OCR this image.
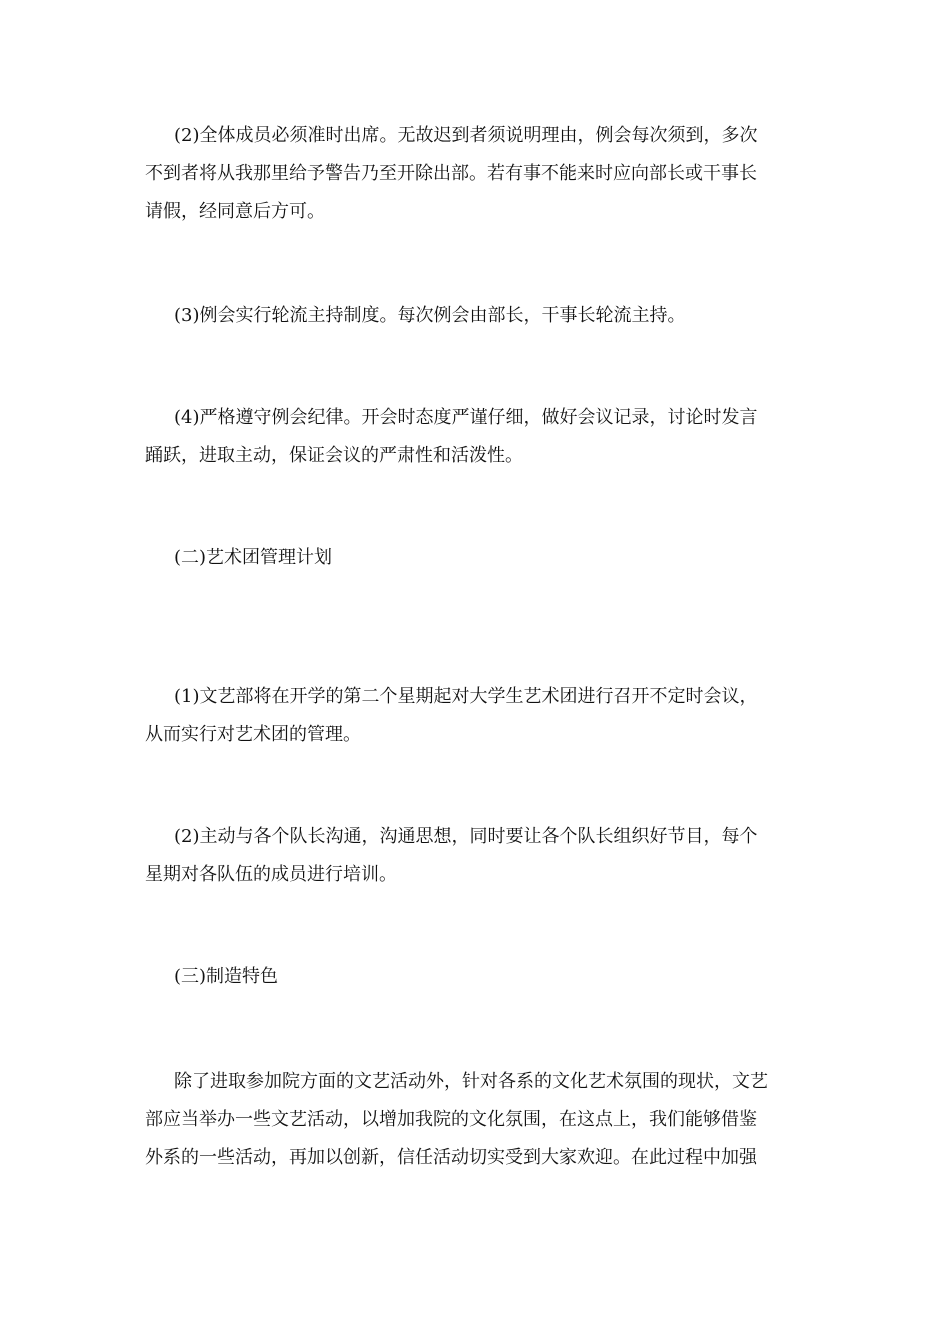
(2)全体成员必须准时出席。无故迟到者须说明理由，例会每次须到，多次
不到者将从我那里给予警告乃至开除出部。若有事不能来时应向部长或干事长
请假，经同意后方可。
(3)例会实行轮流主持制度。每次例会由部长，干事长轮流主持。
(4)严格遵守例会纪律。开会时态度严谨仔细，做好会议记录，讨论时发言
踊跃，进取主动，保证会议的严肃性和活泼性。
(二)艺术团管理计划
(1)文艺部将在开学的第二个星期起对大学生艺术团进行召开不定时会议，
从而实行对艺术团的管理。
(2)主动与各个队长沟通，沟通思想，同时要让各个队长组织好节目，每个
星期对各队伍的成员进行培训。
(三)制造特色
除了进取参加院方面的文艺活动外，针对各系的文化艺术氛围的现状，文艺
部应当举办一些文艺活动，以增加我院的文化氛围，在这点上，我们能够借鉴
外系的一些活动，再加以创新，信任活动切实受到大家欢迎。在此过程中加强
